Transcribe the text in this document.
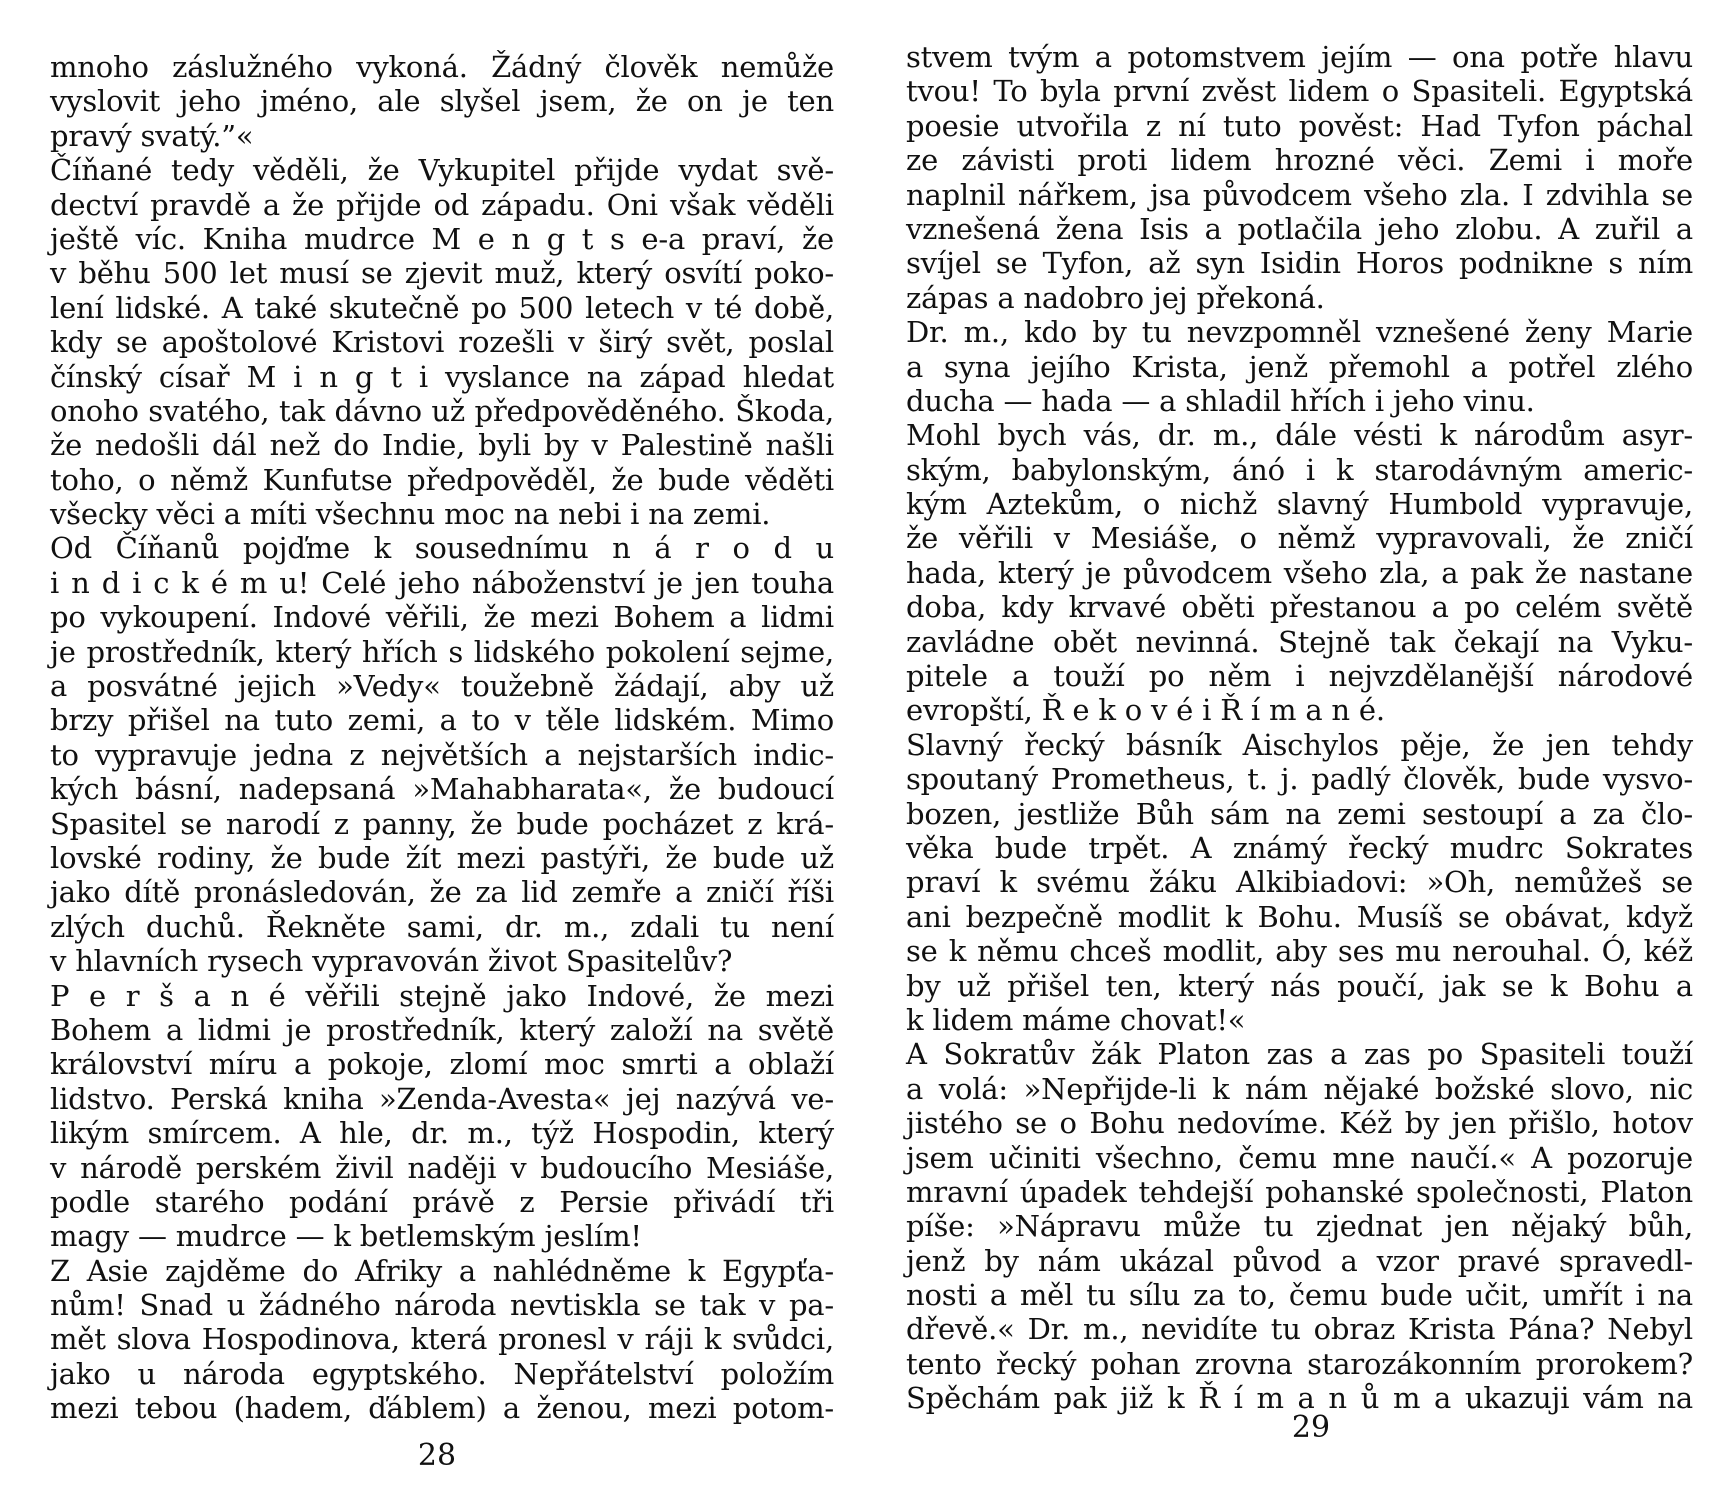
mnoho záslužného vykoná. Žádný člověk nemůže
vyslovit jeho jméno, ale slyšel jsem, že on je ten
pravý svatý.”«
Číňané tedy věděli, že Vykupitel přijde vydat svě-
dectví pravdě a že přijde od západu. Oni však věděli
ještě víc. Kniha mudrce M e n g t s e-a praví, že
v běhu 500 let musí se zjevit muž, který osvítí poko-
lení lidské. A také skutečně po 500 letech v té době,
kdy se apoštolové Kristovi rozešli v širý svět, poslal
čínský císař M i n g t i vyslance na západ hledat
onoho svatého, tak dávno už předpověděného. Škoda,
že nedošli dál než do Indie, byli by v Palestině našli
toho, o němž Kunfutse předpověděl, že bude věděti
všecky věci a míti všechnu moc na nebi i na zemi.
Od Číňanů pojďme k sousednímu n á r o d u
i n d i c k é m u! Celé jeho náboženství je jen touha
po vykoupení. Indové věřili, že mezi Bohem a lidmi
je prostředník, který hřích s lidského pokolení sejme,
a posvátné jejich »Vedy« toužebně žádají, aby už
brzy přišel na tuto zemi, a to v těle lidském. Mimo
to vypravuje jedna z největších a nejstarších indic-
kých básní, nadepsaná »Mahabharata«, že budoucí
Spasitel se narodí z panny, že bude pocházet z krá-
lovské rodiny, že bude žít mezi pastýři, že bude už
jako dítě pronásledován, že za lid zemře a zničí říši
zlých duchů. Řekněte sami, dr. m., zdali tu není
v hlavních rysech vypravován život Spasitelův?
P e r š a n é věřili stejně jako Indové, že mezi
Bohem a lidmi je prostředník, který založí na světě
království míru a pokoje, zlomí moc smrti a oblaží
lidstvo. Perská kniha »Zenda-Avesta« jej nazývá ve-
likým smírcem. A hle, dr. m., týž Hospodin, který
v národě perském živil naději v budoucího Mesiáše,
podle starého podání právě z Persie přivádí tři
magy — mudrce — k betlemským jeslím!
Z Asie zajděme do Afriky a nahlédněme k Egypťa-
nům! Snad u žádného národa nevtiskla se tak v pa-
mět slova Hospodinova, která pronesl v ráji k svůdci,
jako u národa egyptského. Nepřátelství položím
mezi tebou (hadem, ďáblem) a ženou, mezi potom-
28
stvem tvým a potomstvem jejím — ona potře hlavu
tvou! To byla první zvěst lidem o Spasiteli. Egyptská
poesie utvořila z ní tuto pověst: Had Tyfon páchal
ze závisti proti lidem hrozné věci. Zemi i moře
naplnil nářkem, jsa původcem všeho zla. I zdvihla se
vznešená žena Isis a potlačila jeho zlobu. A zuřil a
svíjel se Tyfon, až syn Isidin Horos podnikne s ním
zápas a nadobro jej překoná.
Dr. m., kdo by tu nevzpomněl vznešené ženy Marie
a syna jejího Krista, jenž přemohl a potřel zlého
ducha — hada — a shladil hřích i jeho vinu.
Mohl bych vás, dr. m., dále vésti k národům asyr-
ským, babylonským, ánó i k starodávným americ-
kým Aztekům, o nichž slavný Humbold vypravuje,
že věřili v Mesiáše, o němž vypravovali, že zničí
hada, který je původcem všeho zla, a pak že nastane
doba, kdy krvavé oběti přestanou a po celém světě
zavládne obět nevinná. Stejně tak čekají na Vyku-
pitele a touží po něm i nejvzdělanější národové
evropští, Ř e k o v é i Ř í m a n é.
Slavný řecký básník Aischylos pěje, že jen tehdy
spoutaný Prometheus, t. j. padlý člověk, bude vysvo-
bozen, jestliže Bůh sám na zemi sestoupí a za člo-
věka bude trpět. A známý řecký mudrc Sokrates
praví k svému žáku Alkibiadovi: »Oh, nemůžeš se
ani bezpečně modlit k Bohu. Musíš se obávat, když
se k němu chceš modlit, aby ses mu nerouhal. Ó, kéž
by už přišel ten, který nás poučí, jak se k Bohu a
k lidem máme chovat!«
A Sokratův žák Platon zas a zas po Spasiteli touží
a volá: »Nepřijde-li k nám nějaké božské slovo, nic
jistého se o Bohu nedovíme. Kéž by jen přišlo, hotov
jsem učiniti všechno, čemu mne naučí.« A pozoruje
mravní úpadek tehdejší pohanské společnosti, Platon
píše: »Nápravu může tu zjednat jen nějaký bůh,
jenž by nám ukázal původ a vzor pravé spravedl-
nosti a měl tu sílu za to, čemu bude učit, umřít i na
dřevě.« Dr. m., nevidíte tu obraz Krista Pána? Nebyl
tento řecký pohan zrovna starozákonním prorokem?
Spěchám pak již k Ř í m a n ů m a ukazuji vám na
29
